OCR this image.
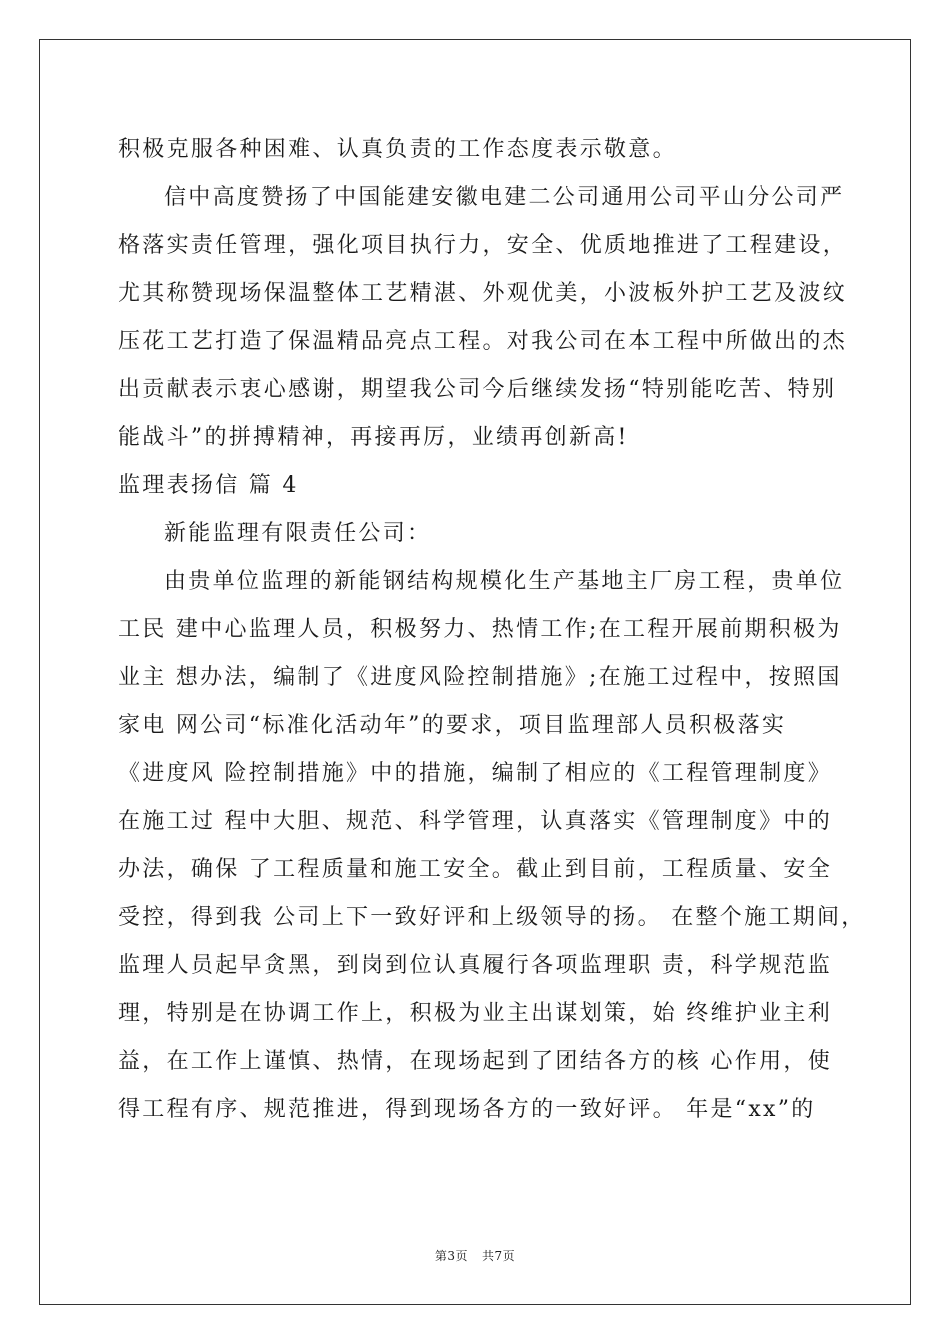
积极克服各种困难、认真负责的工作态度表示敬意。
信中高度赞扬了中国能建安徽电建二公司通用公司平山分公司严
格落实责任管理，强化项目执行力，安全、优质地推进了工程建设，
尤其称赞现场保温整体工艺精湛、外观优美，小波板外护工艺及波纹
压花工艺打造了保温精品亮点工程。对我公司在本工程中所做出的杰
出贡献表示衷心感谢，期望我公司今后继续发扬“特别能吃苦、特别
能战斗”的拼搏精神，再接再厉，业绩再创新高!
监理表扬信 篇 4
新能监理有限责任公司：
由贵单位监理的新能钢结构规模化生产基地主厂房工程，贵单位
工民 建中心监理人员，积极努力、热情工作;在工程开展前期积极为
业主 想办法，编制了《进度风险控制措施》;在施工过程中，按照国
家电 网公司“标准化活动年”的要求，项目监理部人员积极落实
《进度风 险控制措施》中的措施，编制了相应的《工程管理制度》
在施工过 程中大胆、规范、科学管理，认真落实《管理制度》中的
办法，确保 了工程质量和施工安全。截止到目前，工程质量、安全
受控，得到我 公司上下一致好评和上级领导的扬。 在整个施工期间，
监理人员起早贪黑，到岗到位认真履行各项监理职 责，科学规范监
理，特别是在协调工作上，积极为业主出谋划策，始 终维护业主利
益，在工作上谨慎、热情，在现场起到了团结各方的核 心作用，使
得工程有序、规范推进，得到现场各方的一致好评。 年是“xx”的
第3页 共7页
